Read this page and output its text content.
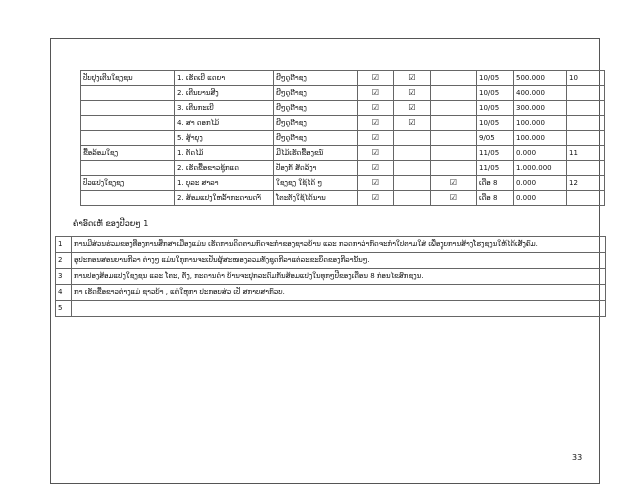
ປັບປຸງເຕີນໃຊງຊນ	1. ເຮັດເບີ ແດຍາ	ຢີໆດູດ໊າຊງ	☑	☑		10/05	500.000	10
	2. ເຕີນບານສີງ	ຢີໆດູດ໊າຊງ	☑	☑		10/05	400.000	
	3. ເຕີນກະເບີ	ຢີໆດູດ໊າຊງ	☑	☑		10/05	300.000	
	4. ສາ ດອກໄມ້	ຢີໆດູດ໊າຊງ	☑	☑		10/05	100.000	
	5. ສູ້າຍຸງ	ຢີໆດູດ໊າຊງ	☑			9/05	100.000	
ຂື້ອລ້ອມໃຊງ	1. ຕັດໄມ້	ມີໄມ້ເຮັດຂື້ອງຂນ໌	☑			11/05	0.000	11
	2. ເຮັດຂື້ອຂາວຊູ້ກແດ	ປ້ອງກັ ສັດລ້ງາ	☑			11/05	1.000.000	
ປົວແປງໃຊງຊງ	1. ບຸລະ ສາລາ	ໃຊງຊງ ໃຊ້ໄດ້ ໆ	☑		☑	ເດືອ 8	0.000	12
	2. ສ້ອມແປງໃຫລ້ັາກະດານດາ໌	ໂຕະຕັງໃຊ້ໄດ້ນານ	☑		☑	ເດືອ 8	0.000	
ຄຳອົດເຫັ ຂອງປີວຍໆ 1
1	ການມີສ່ວນຮ່ວມຂອງທີ່ອງການສຶກສາເມືອງແມ່ນ ເຮັດການດິດຕາມກົດຈະກຳຂອງຊາວບ້ານ ແລະ ກວດກາວ່າກົດຈະກຳໃປຕາມໃສ່ ເພື່ອງຸບການສ້າງໂຮງຊງນໃຫ້ໄດ້ເສັ້ງຄົມ.
2	ອຸປະກອນສອນບານກີລາ ຕ່າງໆ ແມ່ນໃກຸການຈະເປັນຜູ້ສະໜອງລວມທັງຊຸດກີລາແຕ່ລະຂະບຶດຂອງກີລານັ້ນໆ.
3	ການປອງສ້ອມແປງໃຊງຊນ ແລະ ໂຕະ, ຕັ່ງ, ກະດານດຳ ບ້ານຈະປຸກລະດົມກັນສ້ອມແປງໃນທຸກໆປີຂອງເດືອນ 8 ກ່ອນໄຂສົກຊງນ.
4	ກາ ເຮັດຂື້ອຂາວຕ່າງແມ່ ຊາວບ້າ , ແຕ່ໃຫຸກາ ປະກອບສ່ວ ເປັ ສກາບສາກົວບ.
5	
33
